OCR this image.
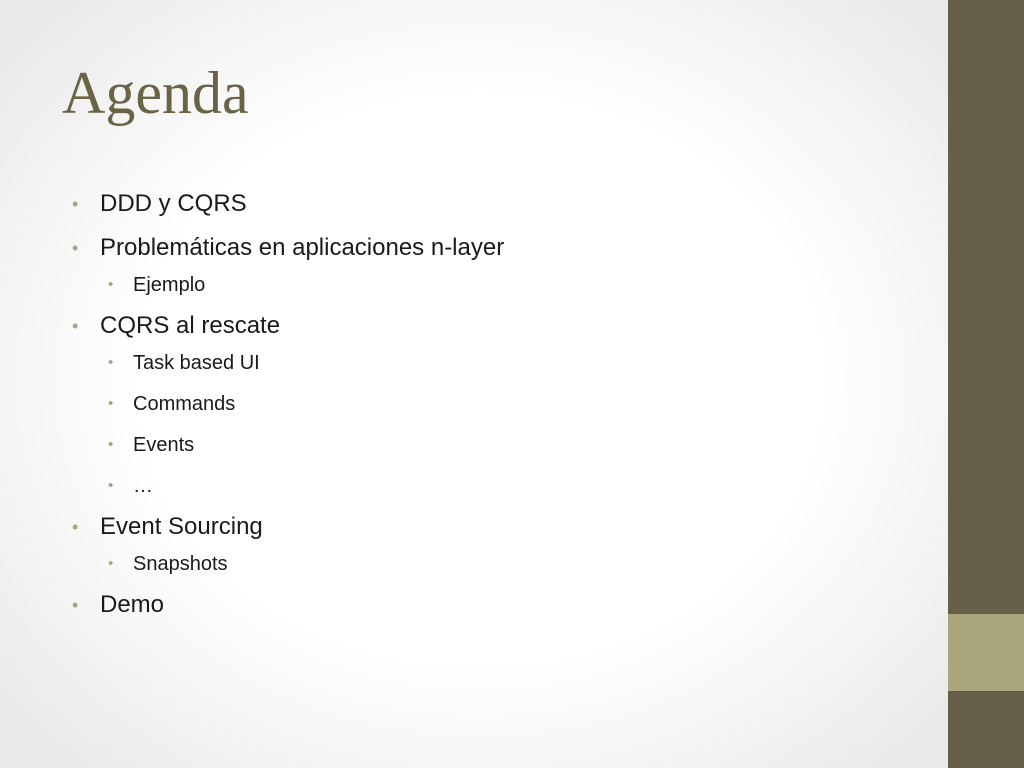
Agenda
• DDD y CQRS
• Problemáticas en aplicaciones n-layer
• Ejemplo
• CQRS al rescate
• Task based UI
• Commands
• Events
• …
• Event Sourcing
• Snapshots
• Demo
